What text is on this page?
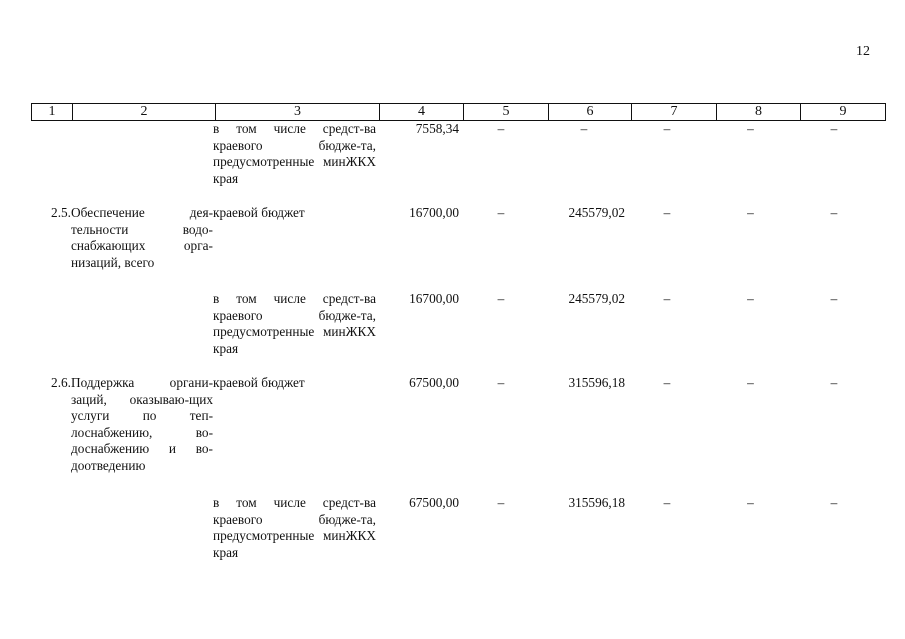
12
1	2	3	4	5	6	7	8	9
		в том числе средст-ва краевого бюдже-та, предусмотренные минЖКХ края	7558,34	–	–	–	–	–
2.5.	Обеспечение дея-тельности водо-снабжающих орга-низаций, всего	краевой бюджет	16700,00	–	245579,02	–	–	–
		в том числе средст-ва краевого бюдже-та, предусмотренные минЖКХ края	16700,00	–	245579,02	–	–	–
2.6.	Поддержка органи-заций, оказываю-щих услуги по теп-лоснабжению, во-доснабжению и во-доотведению	краевой бюджет	67500,00	–	315596,18	–	–	–
		в том числе средст-ва краевого бюдже-та, предусмотренные минЖКХ края	67500,00	–	315596,18	–	–	–
